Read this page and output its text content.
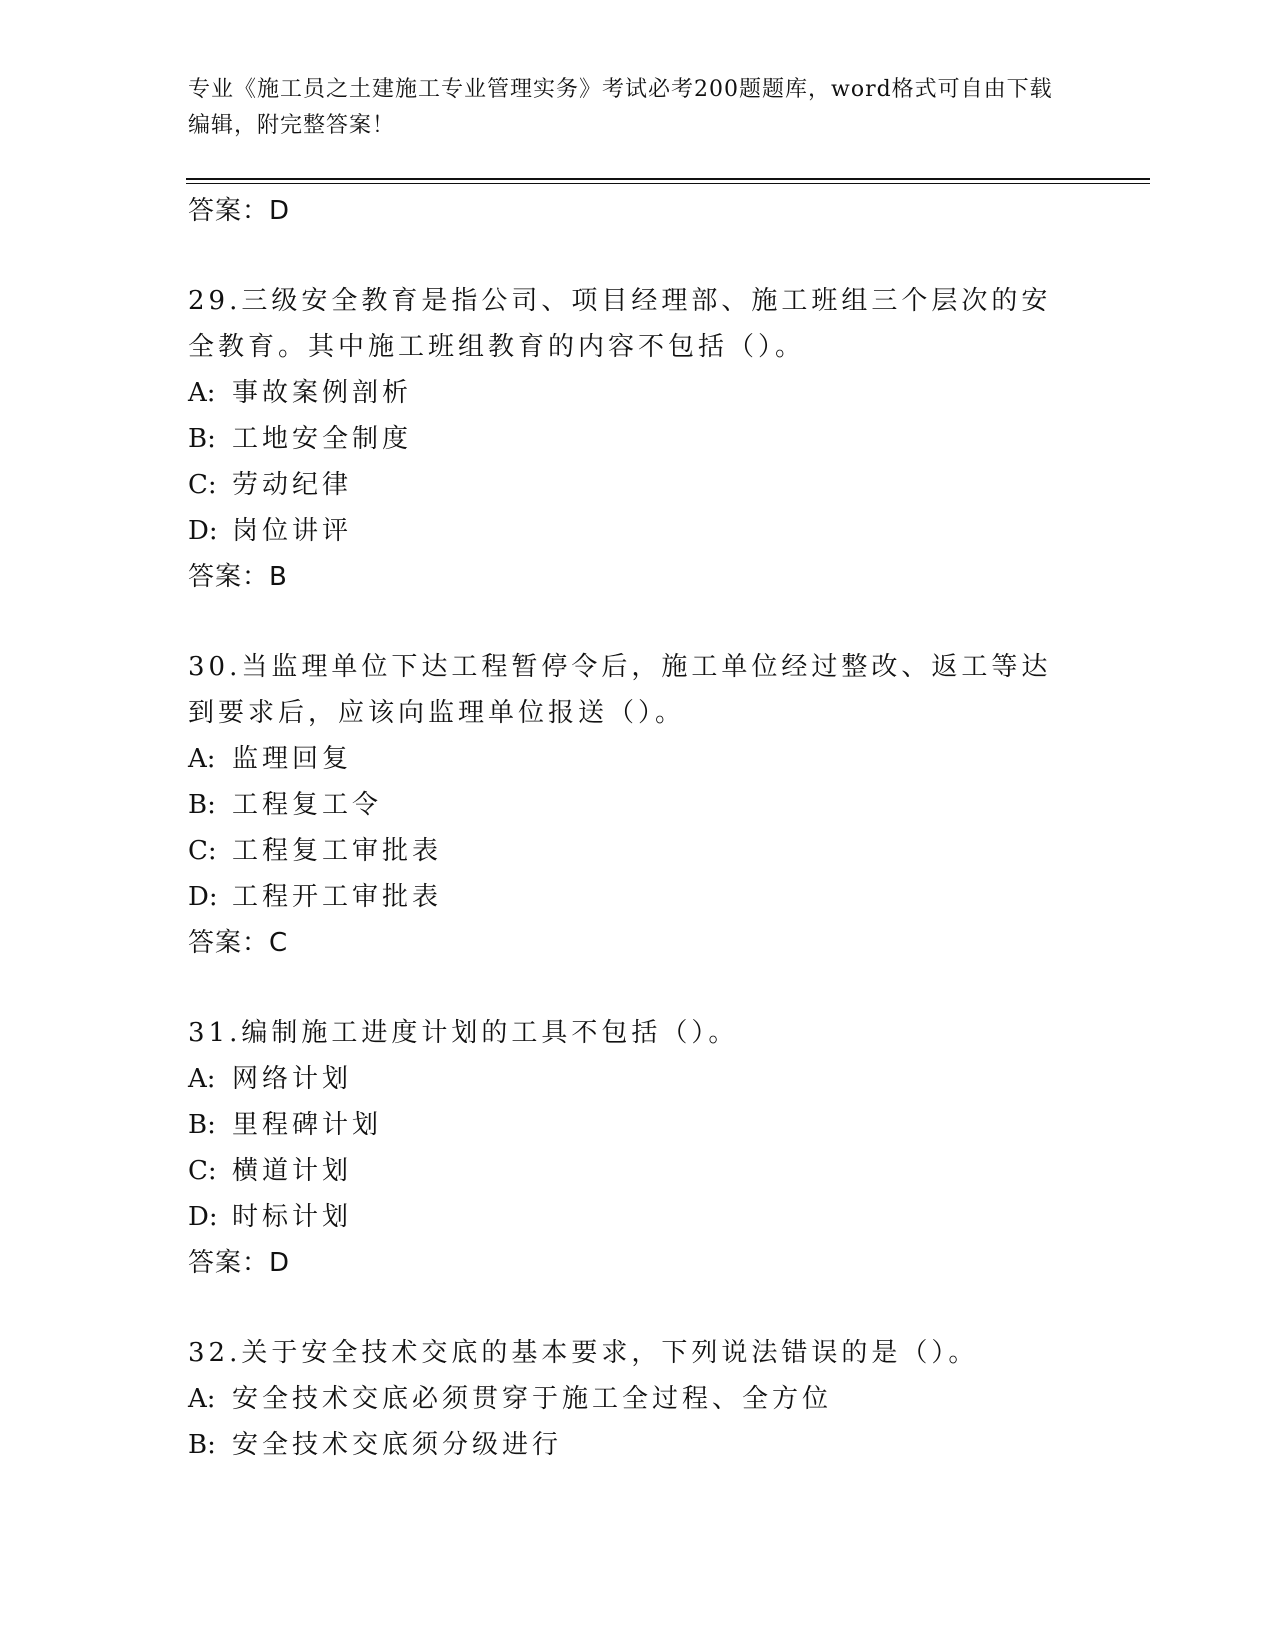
专业《施工员之土建施工专业管理实务》考试必考200题题库，word格式可自由下载编辑，附完整答案！
答案：D
29.三级安全教育是指公司、项目经理部、施工班组三个层次的安全教育。其中施工班组教育的内容不包括（）。
A: 事故案例剖析
B: 工地安全制度
C: 劳动纪律
D: 岗位讲评
答案：B
30.当监理单位下达工程暂停令后，施工单位经过整改、返工等达到要求后，应该向监理单位报送（）。
A: 监理回复
B: 工程复工令
C: 工程复工审批表
D: 工程开工审批表
答案：C
31.编制施工进度计划的工具不包括（）。
A: 网络计划
B: 里程碑计划
C: 横道计划
D: 时标计划
答案：D
32.关于安全技术交底的基本要求，下列说法错误的是（）。
A: 安全技术交底必须贯穿于施工全过程、全方位
B: 安全技术交底须分级进行
